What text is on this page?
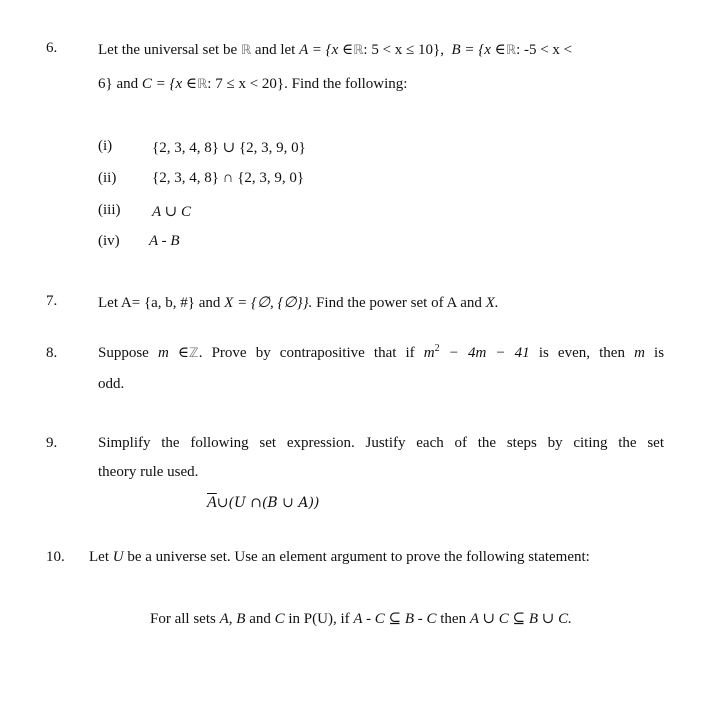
6.	Let the universal set be ℝ and let A = {x ∈ℝ: 5 < x ≤ 10}, B = {x ∈ℝ: -5 < x <
6} and C = {x ∈ℝ: 7 ≤ x < 20}. Find the following:
(i)	{2, 3, 4, 8} ∪ {2, 3, 9, 0}
(ii) {2, 3, 4, 8} ∩ {2, 3, 9, 0}
(iii) A ∪ C
(iv) A - B
7.	Let A= {a, b, #} and X = {∅, {∅}}. Find the power set of A and X.
8.	Suppose m ∈ℤ. Prove by contrapositive that if $m^2 - 4m - 41$ is even, then m is
odd.
9.	Simplify the following set expression. Justify each of the steps by citing the set
theory rule used.
$\overline{A}\cup(U$ ∩(B ∪ A))
10. Let U be a universe set. Use an element argument to prove the following statement:
For all sets A, B and C in P(U), if A - C ⊆ B - C then A ∪ C ⊆ B ∪ C.
